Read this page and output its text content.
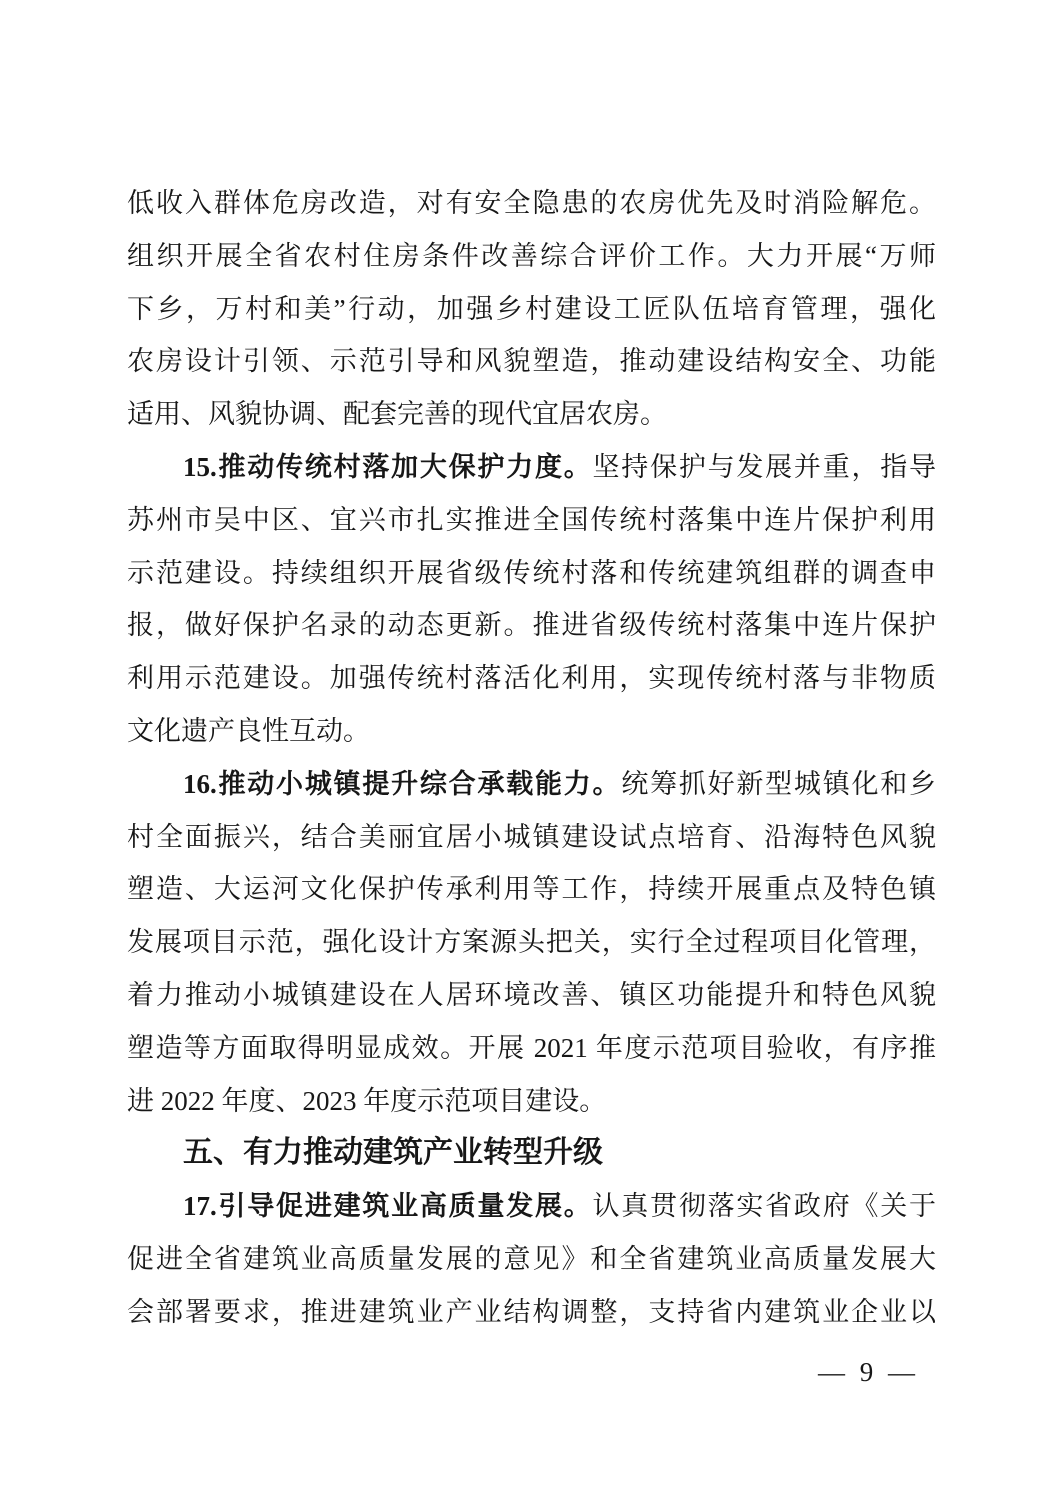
低收入群体危房改造，对有安全隐患的农房优先及时消险解危。
组织开展全省农村住房条件改善综合评价工作。大力开展“万师
下乡，万村和美”行动，加强乡村建设工匠队伍培育管理，强化
农房设计引领、示范引导和风貌塑造，推动建设结构安全、功能
适用、风貌协调、配套完善的现代宜居农房。
15.推动传统村落加大保护力度。坚持保护与发展并重，指导
苏州市吴中区、宜兴市扎实推进全国传统村落集中连片保护利用
示范建设。持续组织开展省级传统村落和传统建筑组群的调查申
报，做好保护名录的动态更新。推进省级传统村落集中连片保护
利用示范建设。加强传统村落活化利用，实现传统村落与非物质
文化遗产良性互动。
16.推动小城镇提升综合承载能力。统筹抓好新型城镇化和乡
村全面振兴，结合美丽宜居小城镇建设试点培育、沿海特色风貌
塑造、大运河文化保护传承利用等工作，持续开展重点及特色镇
发展项目示范，强化设计方案源头把关，实行全过程项目化管理，
着力推动小城镇建设在人居环境改善、镇区功能提升和特色风貌
塑造等方面取得明显成效。开展 2021 年度示范项目验收，有序推
进 2022 年度、2023 年度示范项目建设。
五、有力推动建筑产业转型升级
17.引导促进建筑业高质量发展。认真贯彻落实省政府《关于
促进全省建筑业高质量发展的意见》和全省建筑业高质量发展大
会部署要求，推进建筑业产业结构调整，支持省内建筑业企业以
— 9 —
